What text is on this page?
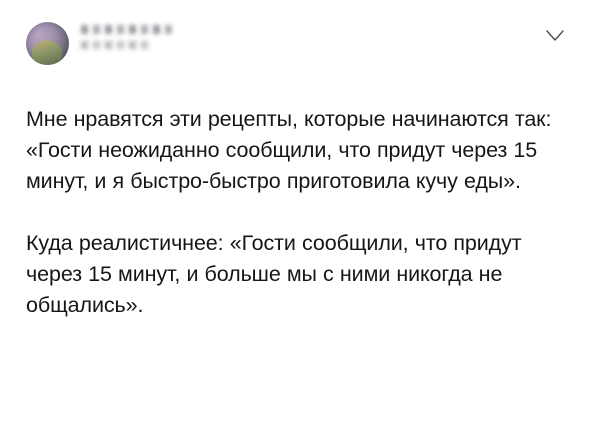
Мне нравятся эти рецепты, которые начинаются так: «Гости неожиданно сообщили, что придут через 15 минут, и я быстро-быстро приготовила кучу еды».

Куда реалистичнее: «Гости сообщили, что придут через 15 минут, и больше мы с ними никогда не общались».
